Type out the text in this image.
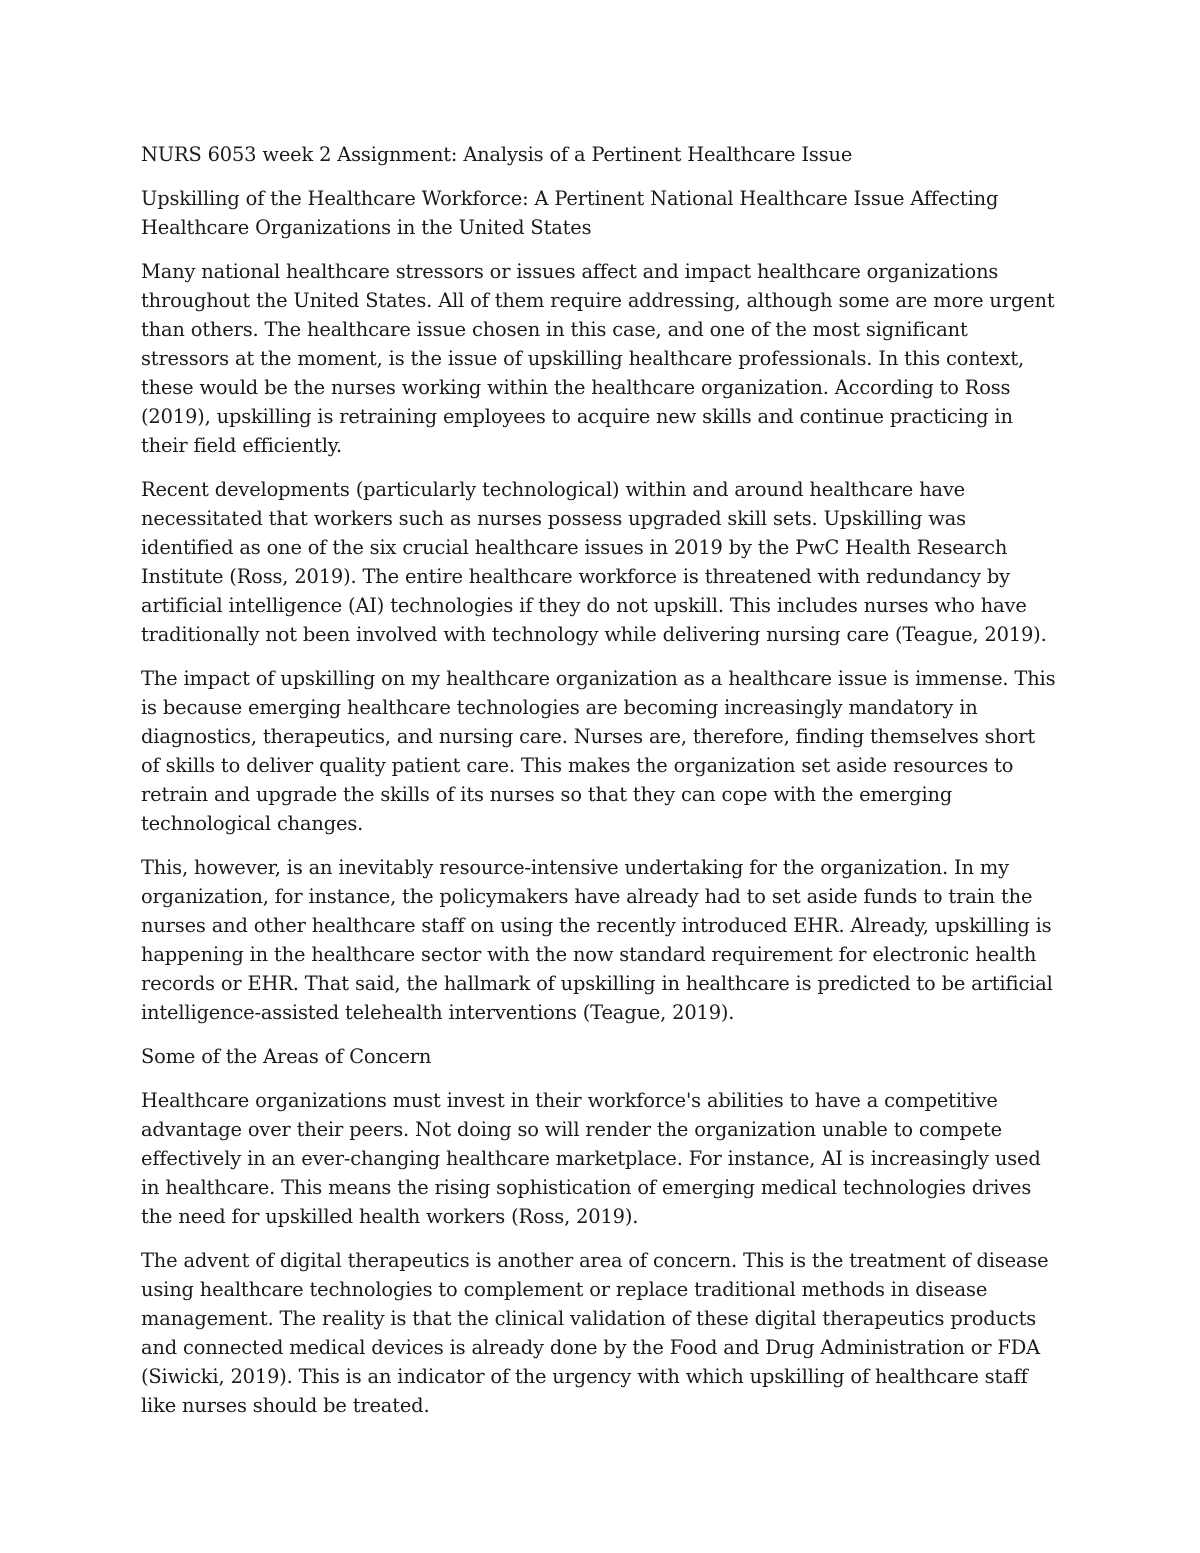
NURS 6053 week 2 Assignment: Analysis of a Pertinent Healthcare Issue

Upskilling of the Healthcare Workforce: A Pertinent National Healthcare Issue Affecting Healthcare Organizations in the United States

Many national healthcare stressors or issues affect and impact healthcare organizations throughout the United States. All of them require addressing, although some are more urgent than others. The healthcare issue chosen in this case, and one of the most significant stressors at the moment, is the issue of upskilling healthcare professionals. In this context, these would be the nurses working within the healthcare organization. According to Ross (2019), upskilling is retraining employees to acquire new skills and continue practicing in their field efficiently.

Recent developments (particularly technological) within and around healthcare have necessitated that workers such as nurses possess upgraded skill sets. Upskilling was identified as one of the six crucial healthcare issues in 2019 by the PwC Health Research Institute (Ross, 2019). The entire healthcare workforce is threatened with redundancy by artificial intelligence (AI) technologies if they do not upskill. This includes nurses who have traditionally not been involved with technology while delivering nursing care (Teague, 2019).

The impact of upskilling on my healthcare organization as a healthcare issue is immense. This is because emerging healthcare technologies are becoming increasingly mandatory in diagnostics, therapeutics, and nursing care. Nurses are, therefore, finding themselves short of skills to deliver quality patient care. This makes the organization set aside resources to retrain and upgrade the skills of its nurses so that they can cope with the emerging technological changes.

This, however, is an inevitably resource-intensive undertaking for the organization. In my organization, for instance, the policymakers have already had to set aside funds to train the nurses and other healthcare staff on using the recently introduced EHR. Already, upskilling is happening in the healthcare sector with the now standard requirement for electronic health records or EHR. That said, the hallmark of upskilling in healthcare is predicted to be artificial intelligence-assisted telehealth interventions (Teague, 2019).

Some of the Areas of Concern

Healthcare organizations must invest in their workforce's abilities to have a competitive advantage over their peers. Not doing so will render the organization unable to compete effectively in an ever-changing healthcare marketplace. For instance, AI is increasingly used in healthcare. This means the rising sophistication of emerging medical technologies drives the need for upskilled health workers (Ross, 2019).

The advent of digital therapeutics is another area of concern. This is the treatment of disease using healthcare technologies to complement or replace traditional methods in disease management. The reality is that the clinical validation of these digital therapeutics products and connected medical devices is already done by the Food and Drug Administration or FDA (Siwicki, 2019). This is an indicator of the urgency with which upskilling of healthcare staff like nurses should be treated.
